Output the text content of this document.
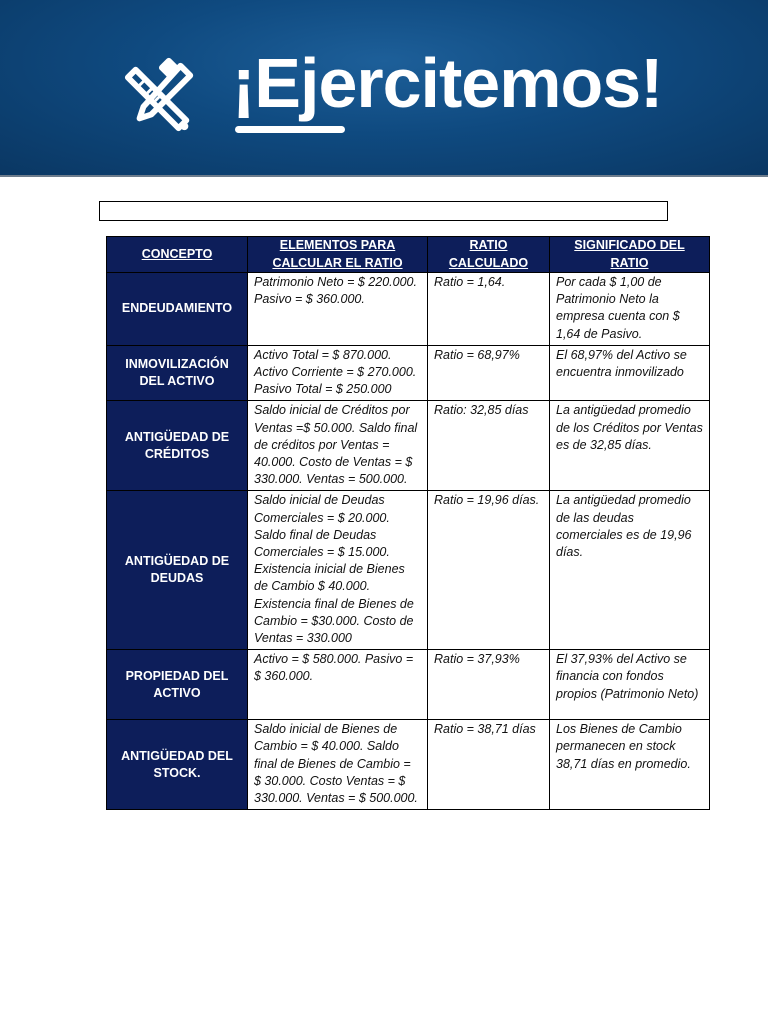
¡Ejercitemos!
CONCEPTO	ELEMENTOS PARA CALCULAR EL RATIO	RATIO CALCULADO	SIGNIFICADO DEL RATIO
ENDEUDAMIENTO	Patrimonio Neto = $ 220.000. Pasivo = $ 360.000.	Ratio = 1,64.	Por cada $ 1,00 de Patrimonio Neto la empresa cuenta con $ 1,64 de Pasivo.
INMOVILIZACIÓN DEL ACTIVO	Activo Total = $ 870.000. Activo Corriente = $ 270.000. Pasivo Total = $ 250.000	Ratio = 68,97%	El 68,97% del Activo se encuentra inmovilizado
ANTIGÜEDAD DE CRÉDITOS	Saldo inicial de Créditos por Ventas =$ 50.000. Saldo final de créditos por Ventas = 40.000. Costo de Ventas = $ 330.000. Ventas = 500.000.	Ratio: 32,85 días	La antigüedad promedio de los Créditos por Ventas es de 32,85 días.
ANTIGÜEDAD DE DEUDAS	Saldo inicial de Deudas Comerciales = $ 20.000. Saldo final de Deudas Comerciales = $ 15.000. Existencia inicial de Bienes de Cambio $ 40.000. Existencia final de Bienes de Cambio = $30.000. Costo de Ventas = 330.000	Ratio = 19,96 días.	La antigüedad promedio de las deudas comerciales es de 19,96 días.
PROPIEDAD DEL ACTIVO	Activo = $ 580.000. Pasivo = $ 360.000.	Ratio = 37,93%	El 37,93% del Activo se financia con fondos propios (Patrimonio Neto)
ANTIGÜEDAD DEL STOCK.	Saldo inicial de Bienes de Cambio = $ 40.000. Saldo final de Bienes de Cambio = $ 30.000. Costo Ventas = $ 330.000. Ventas = $ 500.000.	Ratio = 38,71 días	Los Bienes de Cambio permanecen en stock 38,71 días en promedio.
